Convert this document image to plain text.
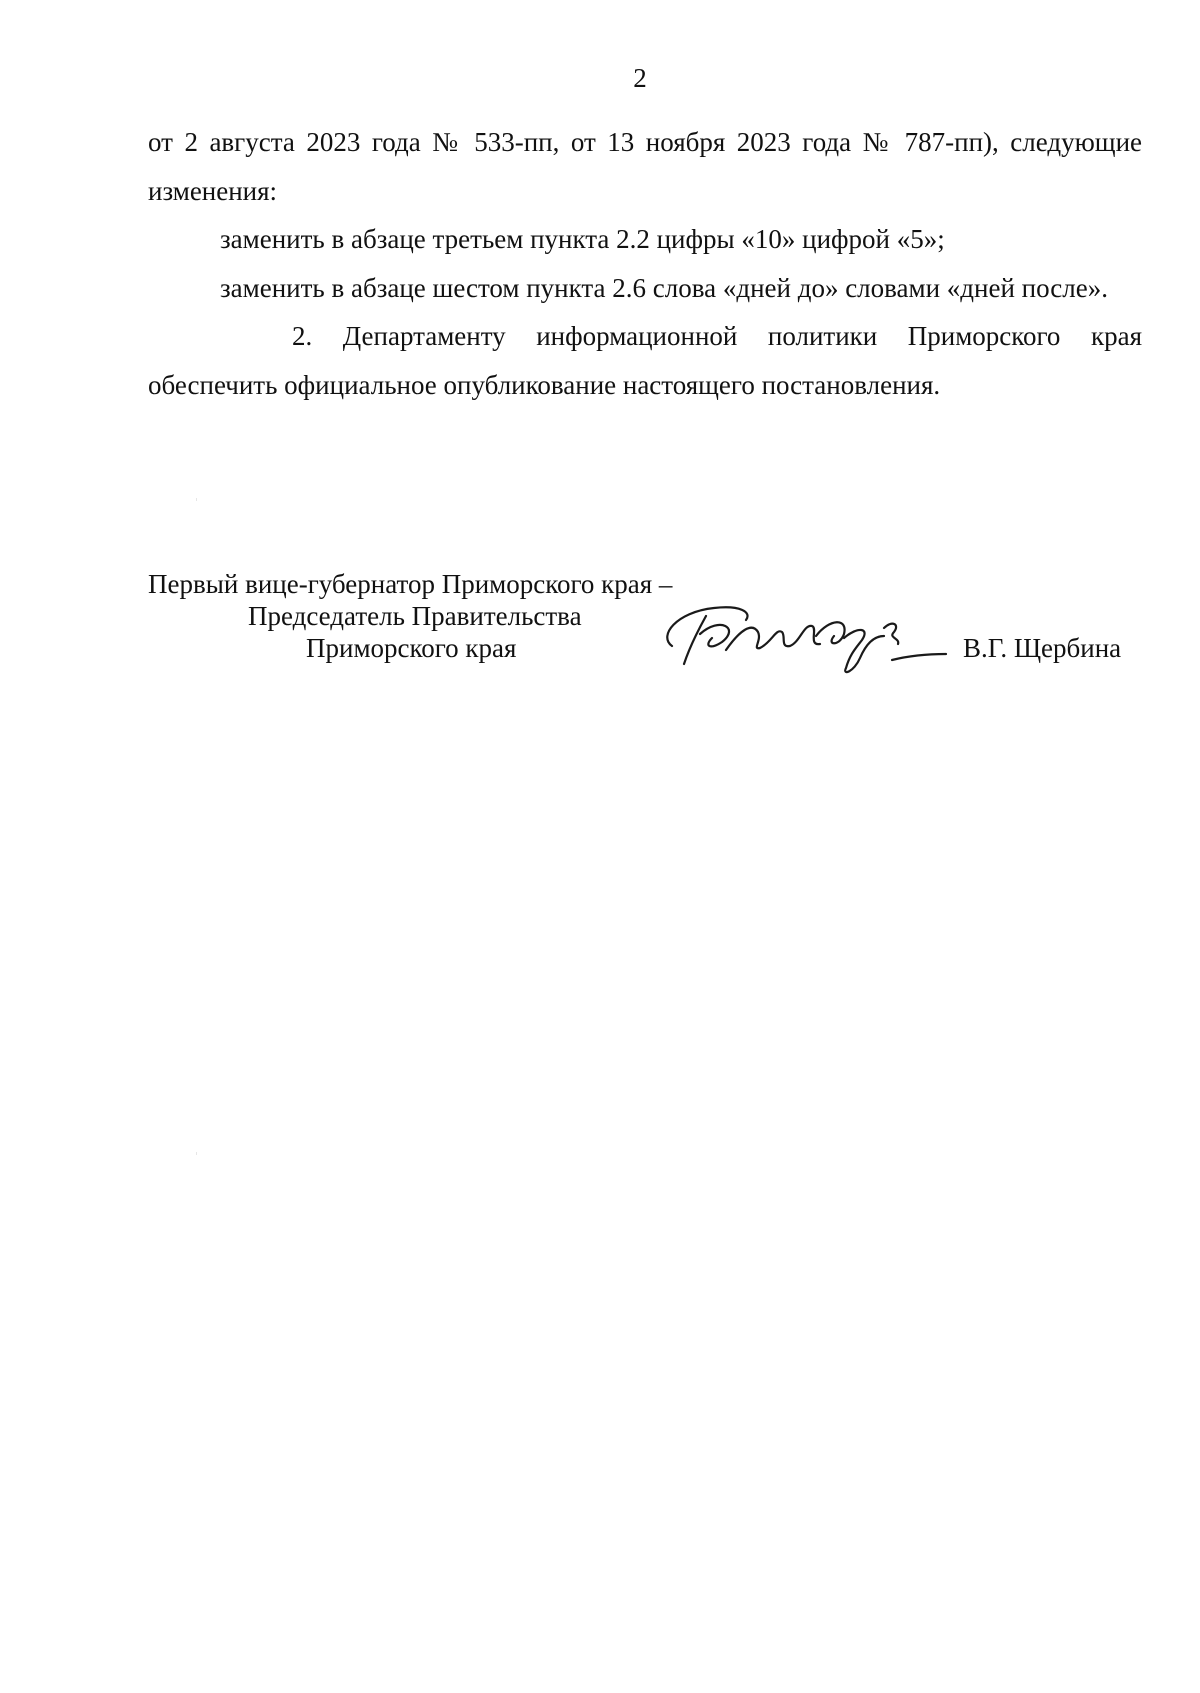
2

от 2 августа 2023 года № 533-пп, от 13 ноября 2023 года № 787-пп), следующие изменения:

заменить в абзаце третьем пункта 2.2 цифры «10» цифрой «5»;

заменить в абзаце шестом пункта 2.6 слова «дней до» словами «дней после».

2. Департаменту информационной политики Приморского края обеспечить официальное опубликование настоящего постановления.

Первый вице-губернатор Приморского края –
Председатель Правительства
Приморского края	В.Г. Щербина
